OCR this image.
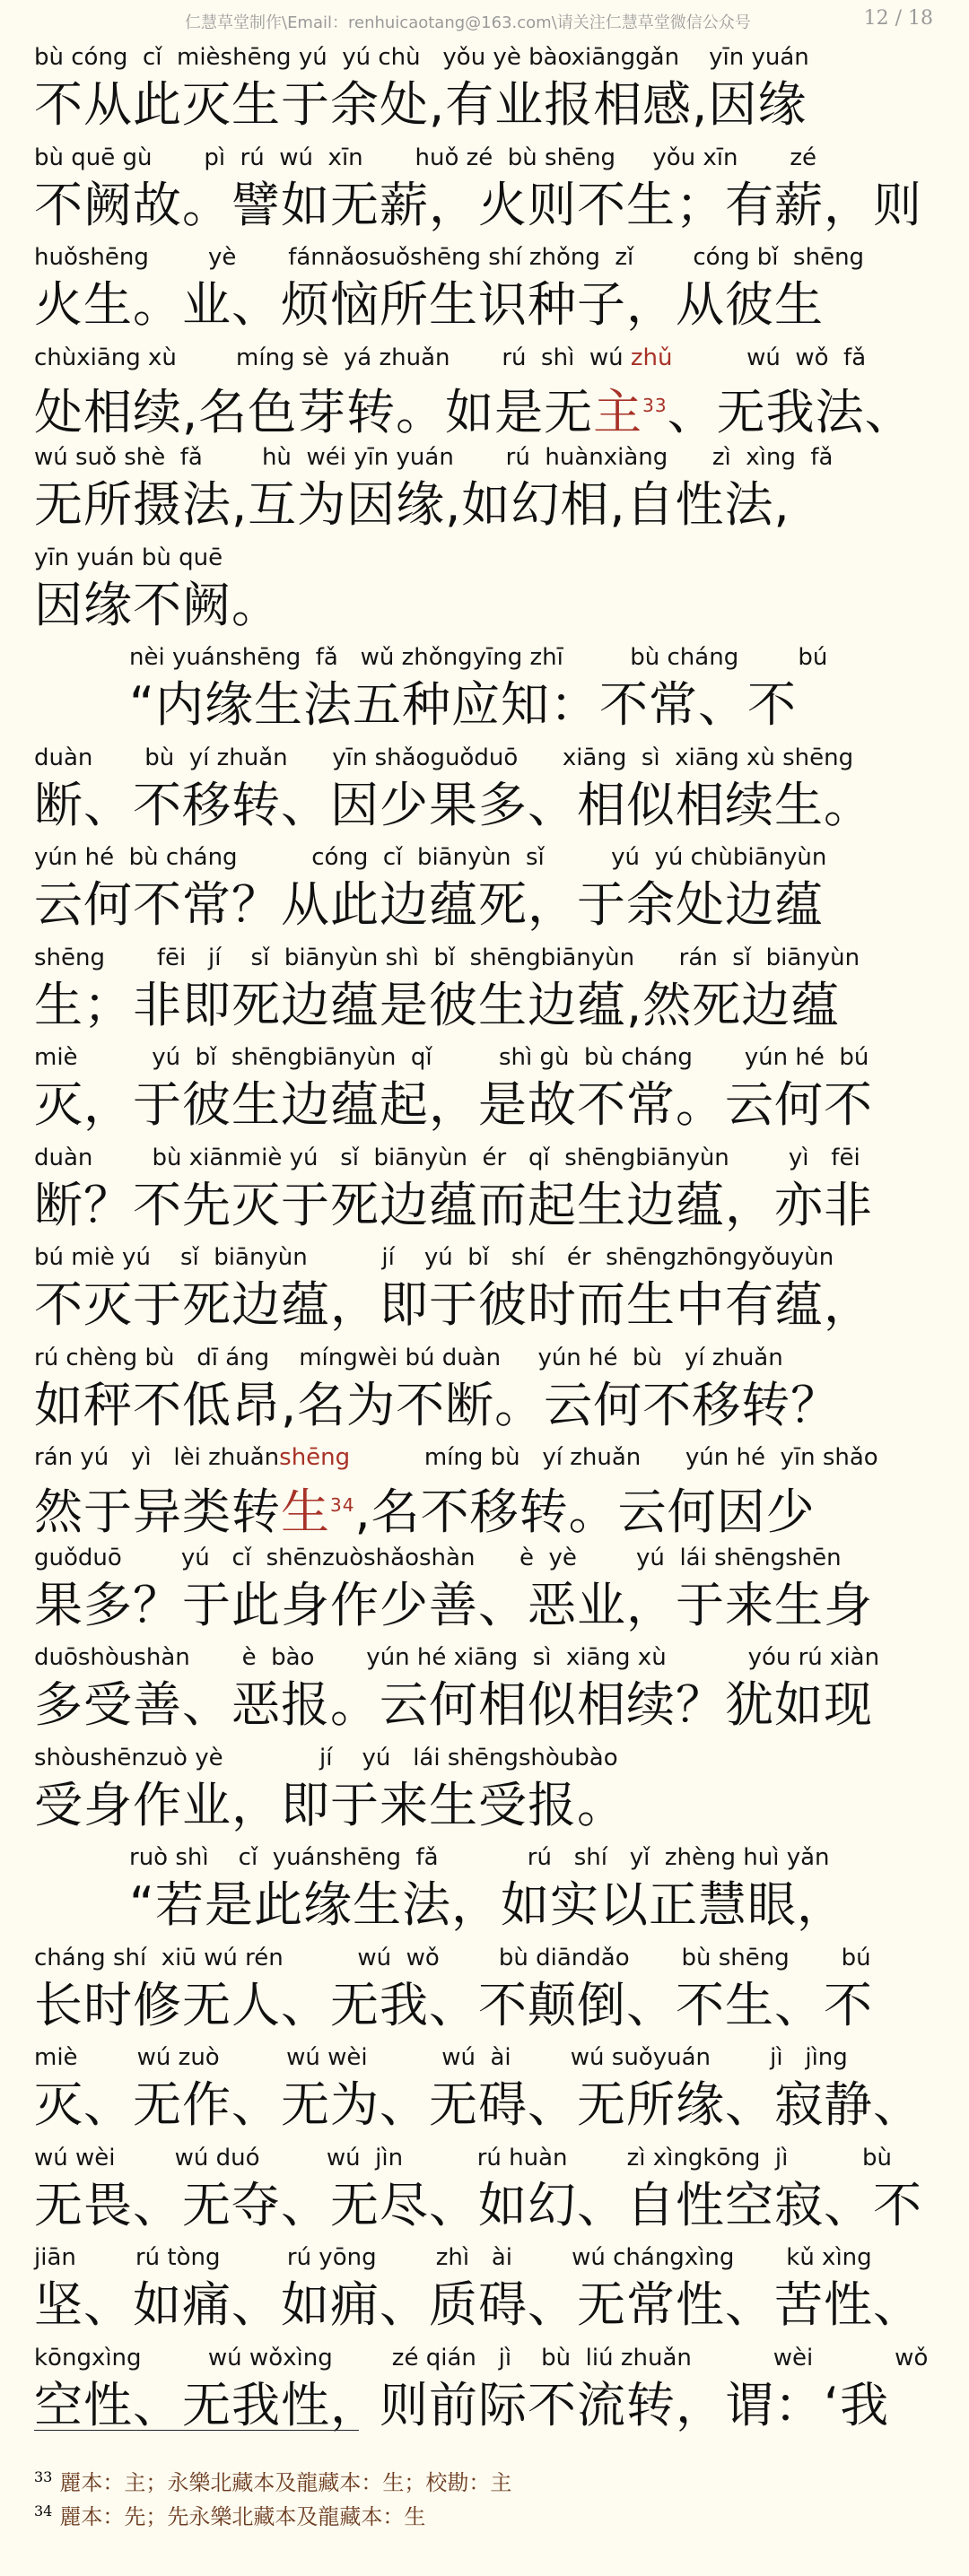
仁慧草堂制作\Email：renhuicaotang@163.com\请关注仁慧草堂微信公众号	12 / 18
bù cóng  cǐ  mièshēng yú  yú chù   yǒu yè bàoxiānggǎn    yīn yuán
不从此灭生于余处,有业报相感,因缘
bù quē gù       pì  rú  wú  xīn       huǒ zé  bù shēng     yǒu xīn       zé
不阙故。譬如无薪，火则不生；有薪，则
huǒshēng        yè       fánnǎosuǒshēng shí zhǒng  zǐ        cóng bǐ  shēng
火生。业、烦恼所生识种子，从彼生
chùxiāng xù        míng sè  yá zhuǎn       rú  shì  wú zhǔ          wú  wǒ  fǎ
处相续,名色芽转。如是无主$^{33}$、无我法、
wú suǒ shè  fǎ        hù  wéi yīn yuán       rú  huànxiàng      zì  xìng  fǎ
无所摄法,互为因缘,如幻相,自性法,
yīn yuán bù quē
因缘不阙。
nèi yuánshēng  fǎ   wǔ zhǒngyīng zhī         bù cháng        bú
“内缘生法五种应知：不常、不
duàn       bù  yí zhuǎn      yīn shǎoguǒduō      xiāng  sì  xiāng xù shēng
断、不移转、因少果多、相似相续生。
yún hé  bù cháng          cóng  cǐ  biānyùn  sǐ         yú  yú chùbiānyùn
云何不常？从此边蕴死，于余处边蕴
shēng       fēi   jí    sǐ  biānyùn shì  bǐ  shēngbiānyùn      rán  sǐ  biānyùn
生；非即死边蕴是彼生边蕴,然死边蕴
miè          yú  bǐ  shēngbiānyùn  qǐ         shì gù  bù cháng       yún hé  bú
灭，于彼生边蕴起，是故不常。云何不
duàn        bù xiānmiè yú   sǐ  biānyùn  ér   qǐ  shēngbiānyùn        yì   fēi
断？不先灭于死边蕴而起生边蕴，亦非
bú miè yú    sǐ  biānyùn          jí    yú  bǐ   shí   ér  shēngzhōngyǒuyùn
不灭于死边蕴，即于彼时而生中有蕴，
rú chèng bù   dī áng    míngwèi bú duàn     yún hé  bù   yí zhuǎn
如秤不低昂,名为不断。云何不移转？
rán yú   yì   lèi zhuǎnshēng          míng bù   yí zhuǎn      yún hé  yīn shǎo
然于异类转生$^{34}$,名不移转。云何因少
guǒduō        yú   cǐ  shēnzuòshǎoshàn      è  yè        yú  lái shēngshēn
果多？于此身作少善、恶业，于来生身
duōshòushàn       è  bào       yún hé xiāng  sì  xiāng xù           yóu rú xiàn
多受善、恶报。云何相似相续？犹如现
shòushēnzuò yè             jí    yú   lái shēngshòubào
受身作业，即于来生受报。
ruò shì    cǐ  yuánshēng  fǎ            rú   shí   yǐ  zhèng huì yǎn
“若是此缘生法，如实以正慧眼，
cháng shí  xiū wú rén          wú  wǒ        bù diāndǎo       bù shēng       bú
长时修无人、无我、不颠倒、不生、不
miè        wú zuò         wú wèi          wú  ài        wú suǒyuán        jì   jìng
灭、无作、无为、无碍、无所缘、寂静、
wú wèi        wú duó         wú  jìn          rú huàn        zì xìngkōng  jì          bù
无畏、无夺、无尽、如幻、自性空寂、不
jiān        rú tòng         rú yōng        zhì   ài        wú chángxìng       kǔ xìng
坚、如痛、如痈、质碍、无常性、苦性、
kōngxìng         wú wǒxìng        zé qián   jì    bù  liú zhuǎn           wèi           wǒ
空性、无我性，则前际不流转，谓：‘我
$^{33}$ 麗本：主；永樂北藏本及龍藏本：生；校勘：主
$^{34}$ 麗本：先；先永樂北藏本及龍藏本：生
